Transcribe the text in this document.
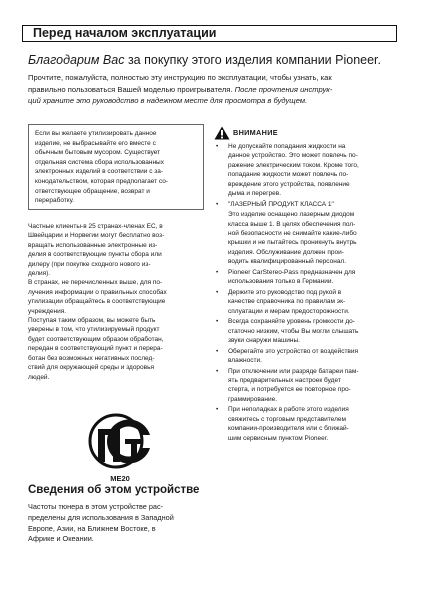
Перед началом эксплуатации
Благодарим Вас за покупку этого изделия компании Pioneer.
Прочтите, пожалуйста, полностью эту инструкцию по эксплуатации, чтобы узнать, как
правильно пользоваться Вашей моделью проигрывателя. После прочтения инструк-
ций храните это руководство в надежном месте для просмотра в будущем.
Если вы желаете утилизировать данное
изделие, не выбрасывайте его вместе с
обычным бытовым мусором. Существует
отдельная система сбора использованных
электронных изделий в соответствии с за-
конодательством, которая предполагает со-
ответствующее обращение, возврат и
переработку.
Частные клиенты-в 25 странах-членах ЕС, в
Швейцарии и Норвегии могут бесплатно воз-
вращать использованные электронные из-
делия в соответствующие пункты сбора или
дилеру (при покупке сходного нового из-
делия).
В странах, не перечисленных выше, для по-
лучения информации о правильных способах
утилизации обращайтесь в соответствующие
учреждения.
Поступая таким образом, вы можете быть
уверены в том, что утилизируемый продукт
будет соответствующим образом обработан,
передан в соответствующий пункт и перера-
ботан без возможных негативных послед-
ствий для окружающей среды и здоровья
людей.
ME20
Сведения об этом устройстве
Частоты тюнера в этом устройстве рас-
пределены для использования в Западной
Европе, Азии, на Ближнем Востоке, в
Африке и Океании.
ВНИМАНИЕ
• Не допускайте попадания жидкости на
данное устройство. Это может повлечь по-
ражение электрическим током. Кроме того,
попадание жидкости может повлечь по-
вреждение этого устройства, появление
дыма и перегрев.
• "ЛАЗЕРНЫЙ ПРОДУКТ КЛАССА 1"
Это изделие оснащено лазерным диодом
класса выше 1. В целях обеспечения пол-
ной безопасности не снимайте какие-либо
крышки и не пытайтесь проникнуть внутрь
изделия. Обслуживание должен прои-
водить квалифицированный персонал.
• Pioneer CarStereo-Pass предназначен для
использования только в Германии.
• Держите это руководство под рукой в
качестве справочника по правилам эк-
сплуатации и мерам предосторожности.
• Всегда сохраняйте уровень громкости до-
статочно низким, чтобы Вы могли слышать
звуки снаружи машины.
• Оберегайте это устройство от воздействия
влажности.
• При отключении или разряде батареи пам-
ять предварительных настроек будет
стерта, и потребуется ее повторное про-
граммирование.
• При неполадках в работе этого изделия
свяжитесь с торговым представителем
компании-производителя или с ближай-
шим сервисным пунктом Pioneer.
